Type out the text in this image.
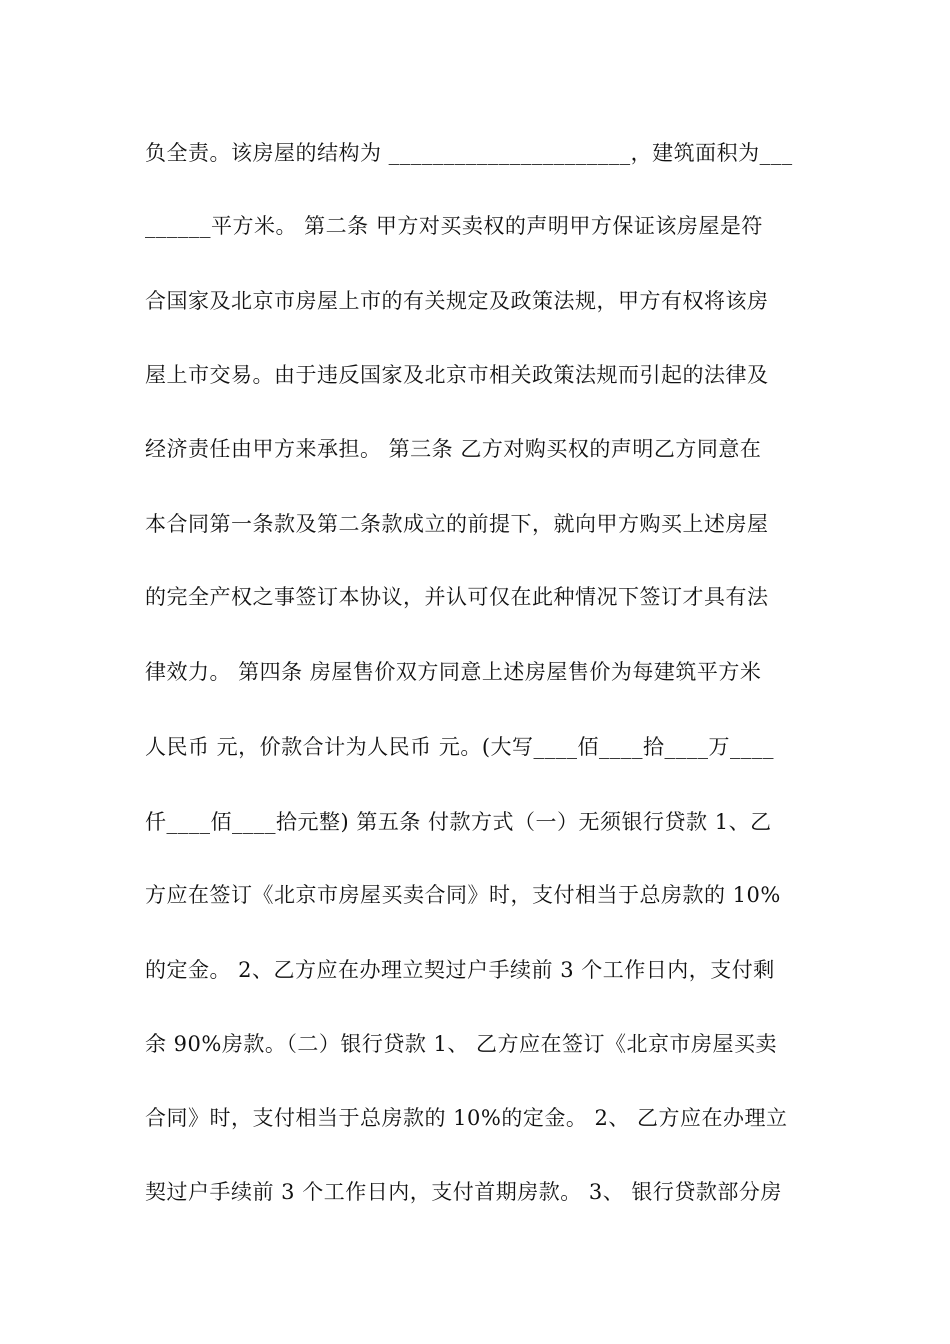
负全责。该房屋的结构为 ______________________，建筑面积为___
______平方米。 第二条 甲方对买卖权的声明甲方保证该房屋是符
合国家及北京市房屋上市的有关规定及政策法规，甲方有权将该房
屋上市交易。由于违反国家及北京市相关政策法规而引起的法律及
经济责任由甲方来承担。 第三条 乙方对购买权的声明乙方同意在
本合同第一条款及第二条款成立的前提下，就向甲方购买上述房屋
的完全产权之事签订本协议，并认可仅在此种情况下签订才具有法
律效力。 第四条 房屋售价双方同意上述房屋售价为每建筑平方米
人民币 元，价款合计为人民币 元。(大写____佰____拾____万____
仟____佰____拾元整) 第五条 付款方式（一）无须银行贷款 1、乙
方应在签订《北京市房屋买卖合同》时，支付相当于总房款的 10%
的定金。 2、乙方应在办理立契过户手续前 3 个工作日内，支付剩
余 90%房款。（二）银行贷款 1、 乙方应在签订《北京市房屋买卖
合同》时，支付相当于总房款的 10%的定金。 2、 乙方应在办理立
契过户手续前 3 个工作日内，支付首期房款。 3、 银行贷款部分房
